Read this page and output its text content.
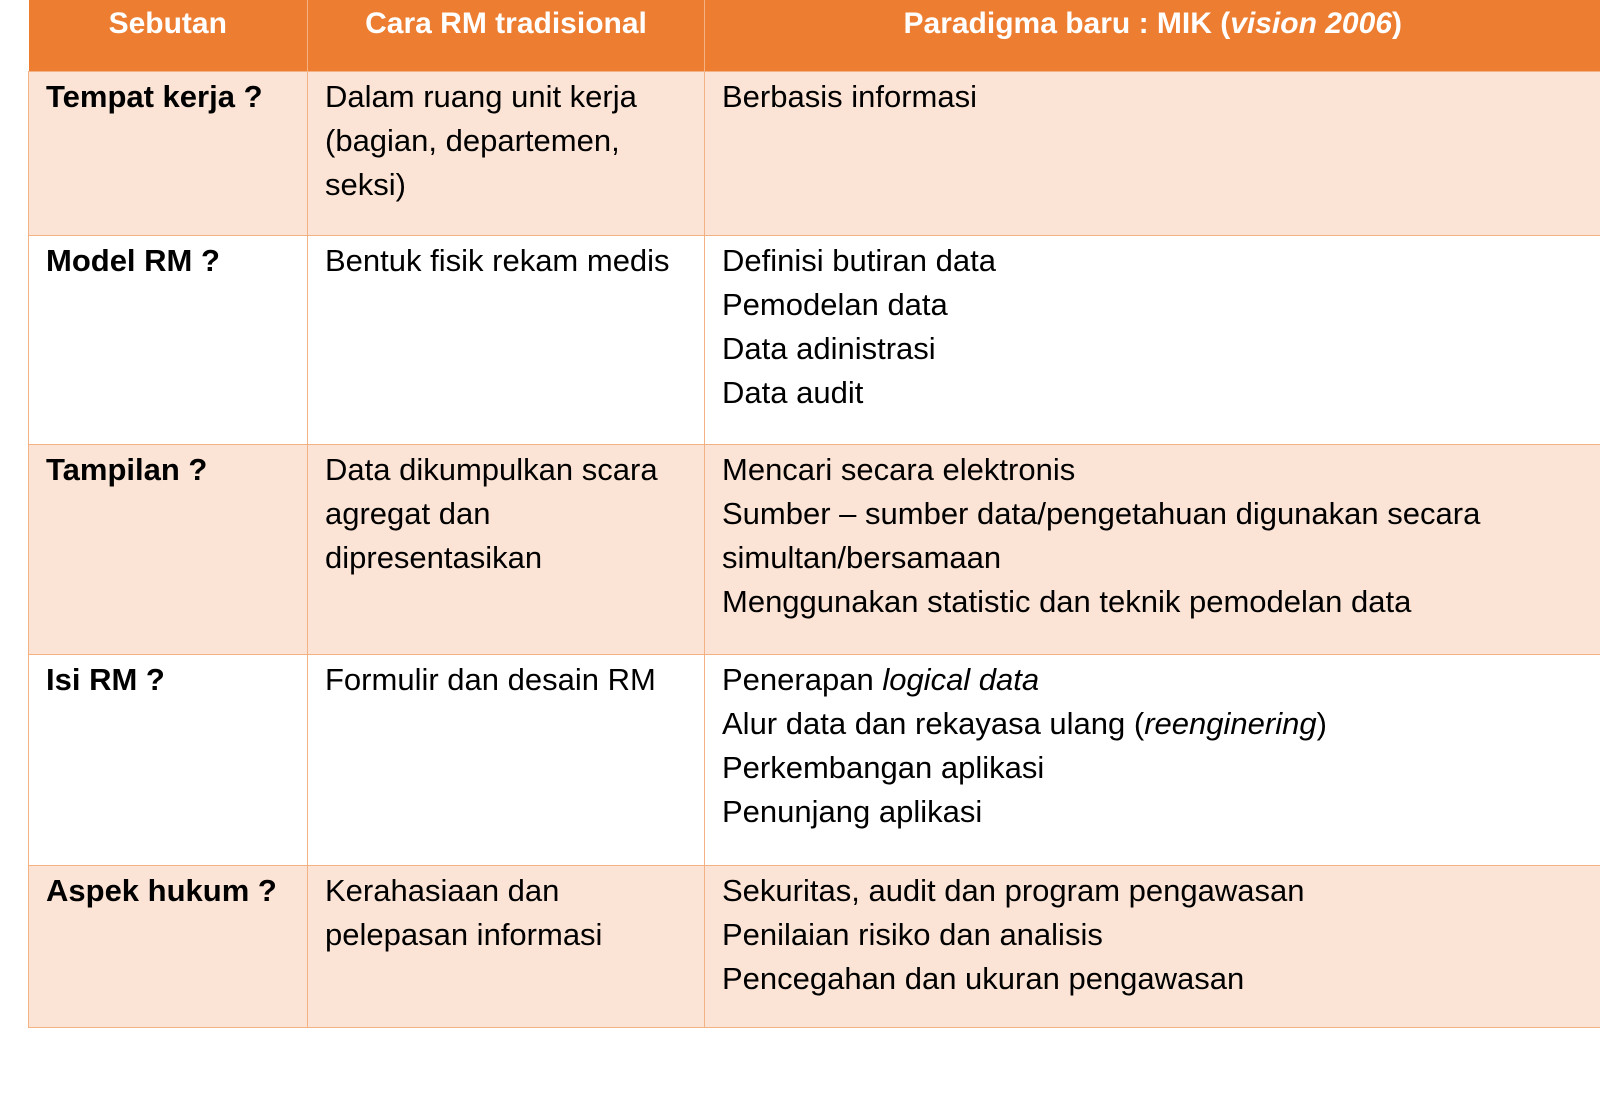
Sebutan	Cara RM tradisional	Paradigma baru : MIK (vision 2006)
Tempat kerja ?	Dalam ruang unit kerja (bagian, departemen, seksi)	Berbasis informasi

Model RM ?	Bentuk fisik rekam medis	Definisi butiran data
Pemodelan data
Data adinistrasi
Data audit

Tampilan ?	Data dikumpulkan scara agregat dan dipresentasikan	Mencari secara elektronis
Sumber – sumber data/pengetahuan digunakan secara simultan/bersamaan
Menggunakan statistic dan teknik pemodelan data

Isi RM ?	Formulir dan desain RM	Penerapan logical data
Alur data dan rekayasa ulang (reenginering)
Perkembangan aplikasi
Penunjang aplikasi

Aspek hukum ?	Kerahasiaan dan pelepasan informasi	Sekuritas, audit dan program pengawasan
Penilaian risiko dan analisis
Pencegahan dan ukuran pengawasan
